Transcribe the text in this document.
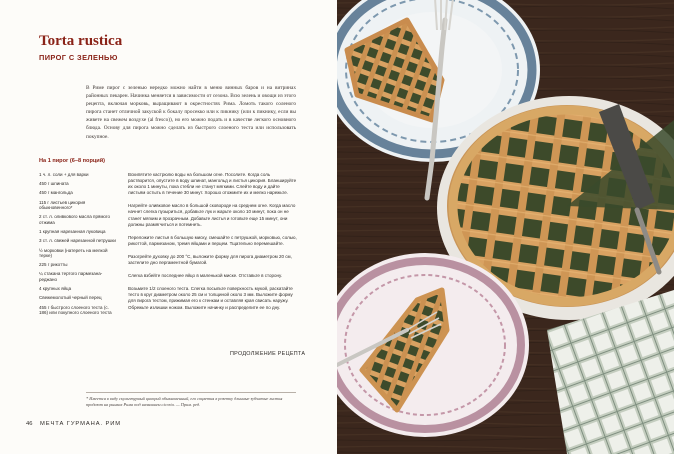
Torta rustica
ПИРОГ С ЗЕЛЕНЬЮ

В Риме пирог с зеленью нередко можно найти в меню винных баров и на витринах районных пекарен. Начинка меняется в зависимости от сезона. Всю зелень и овощи из этого рецепта, включая морковь, выращивают в окрестностях Рима. Ломоть такого соленого пирога станет отличной закуской к бокалу просекко или к пикнику (или к пикнику, если вы живете на свежем воздухе (al fresco)), но его можно подать и в качестве легкого основного блюда. Основу для пирога можно сделать из быстрого слоеного теста или использовать покупное.

На 1 пирог (6–8 порций)
1 ч. л. соли + для варки
450 г шпината
450 г мангольда
115 г листьев цикория обыкновенного*
2 ст. л. оливкового масла прямого отжима
1 крупная нарезанная луковица
3 ст. л. свежей нарезанной петрушки
½ морковки (натереть на мелкой терке)
225 г рикотты
¼ стакана тертого пармезана-реджано
4 крупных яйца
Свежемолотый черный перец
455 г быстрого слоеного теста (с. 186) или покупного слоеного теста

Вскипятите кастрюлю воды на большом огне. Посолите. Когда соль растворится, опустите в воду шпинат, мангольд и листья цикория. Бланшируйте их около 1 минуты, пока стебли не станут мягкими. Слейте воду и дайте листьям остыть в течение 30 минут. Хорошо отожмите их и мелко нарежьте.

Нагрейте оливковое масло в большой сковороде на среднем огне. Когда масло начнет слегка пузыриться, добавьте лук и жарьте около 10 минут, пока он не станет мягким и прозрачным. Добавьте листья и готовьте еще 15 минут, они должны размягчиться и потемнеть.

Переложите листья в большую миску, смешайте с петрушкой, морковью, солью, рикоттой, пармезаном, тремя яйцами и перцем. Тщательно перемешайте.

Разогрейте духовку до 200 °С, выложите форму для пирога диаметром 20 см, застелите дно пергаментной бумагой.

Слегка взбейте последнее яйцо в маленькой миске. Отставьте в сторону.

Возьмите 1/2 слоеного теста. Слегка посыпьте поверхность мукой, раскатайте тесто в круг диаметром около 25 см и толщиной около 3 мм. Выложите форму для пирога тестом, прижимая его к стенкам и оставляя края свисать наружу. Обрежьте излишки ножом. Выложите начинку и распределите ее по дну.

ПРОДОЛЖЕНИЕ РЕЦЕПТА

* Имеется в виду скульптурный цикорий обыкновенный, его соцветия в розетку длинные зубчатые листья продают на рынках Рима под названием cicoria. — Прим. ред.

46 МЕЧТА ГУРМАНА. РИМ
